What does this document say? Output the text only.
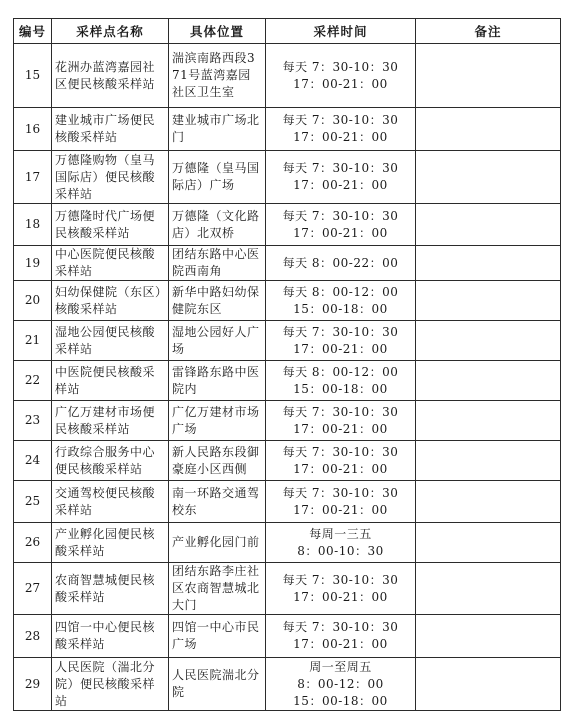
编号	采样点名称	具体位置	采样时间	备注
15	花洲办蓝湾嘉园社区便民核酸采样站	湍滨南路西段371号蓝湾嘉园社区卫生室	每天 7：30-10：30
17：00-21：00	
16	建业城市广场便民核酸采样站	建业城市广场北门	每天 7：30-10：30
17：00-21：00	
17	万德隆购物（皇马国际店）便民核酸采样站	万德隆（皇马国际店）广场	每天 7：30-10：30
17：00-21：00	
18	万德隆时代广场便民核酸采样站	万德隆（文化路店）北双桥	每天 7：30-10：30
17：00-21：00	
19	中心医院便民核酸采样站	团结东路中心医院西南角	每天 8：00-22：00	
20	妇幼保健院（东区）核酸采样站	新华中路妇幼保健院东区	每天 8：00-12：00
15：00-18：00	
21	湿地公园便民核酸采样站	湿地公园好人广场	每天 7：30-10：30
17：00-21：00	
22	中医院便民核酸采样站	雷锋路东路中医院内	每天 8：00-12：00
15：00-18：00	
23	广亿万建材市场便民核酸采样站	广亿万建材市场广场	每天 7：30-10：30
17：00-21：00	
24	行政综合服务中心便民核酸采样站	新人民路东段御豪庭小区西侧	每天 7：30-10：30
17：00-21：00	
25	交通驾校便民核酸采样站	南一环路交通驾校东	每天 7：30-10：30
17：00-21：00	
26	产业孵化园便民核酸采样站	产业孵化园门前	每周一三五
8：00-10：30	
27	农商智慧城便民核酸采样站	团结东路李庄社区农商智慧城北大门	每天 7：30-10：30
17：00-21：00	
28	四馆一中心便民核酸采样站	四馆一中心市民广场	每天 7：30-10：30
17：00-21：00	
29	人民医院（湍北分院）便民核酸采样站	人民医院湍北分院	周一至周五
8：00-12：00
15：00-18：00	
